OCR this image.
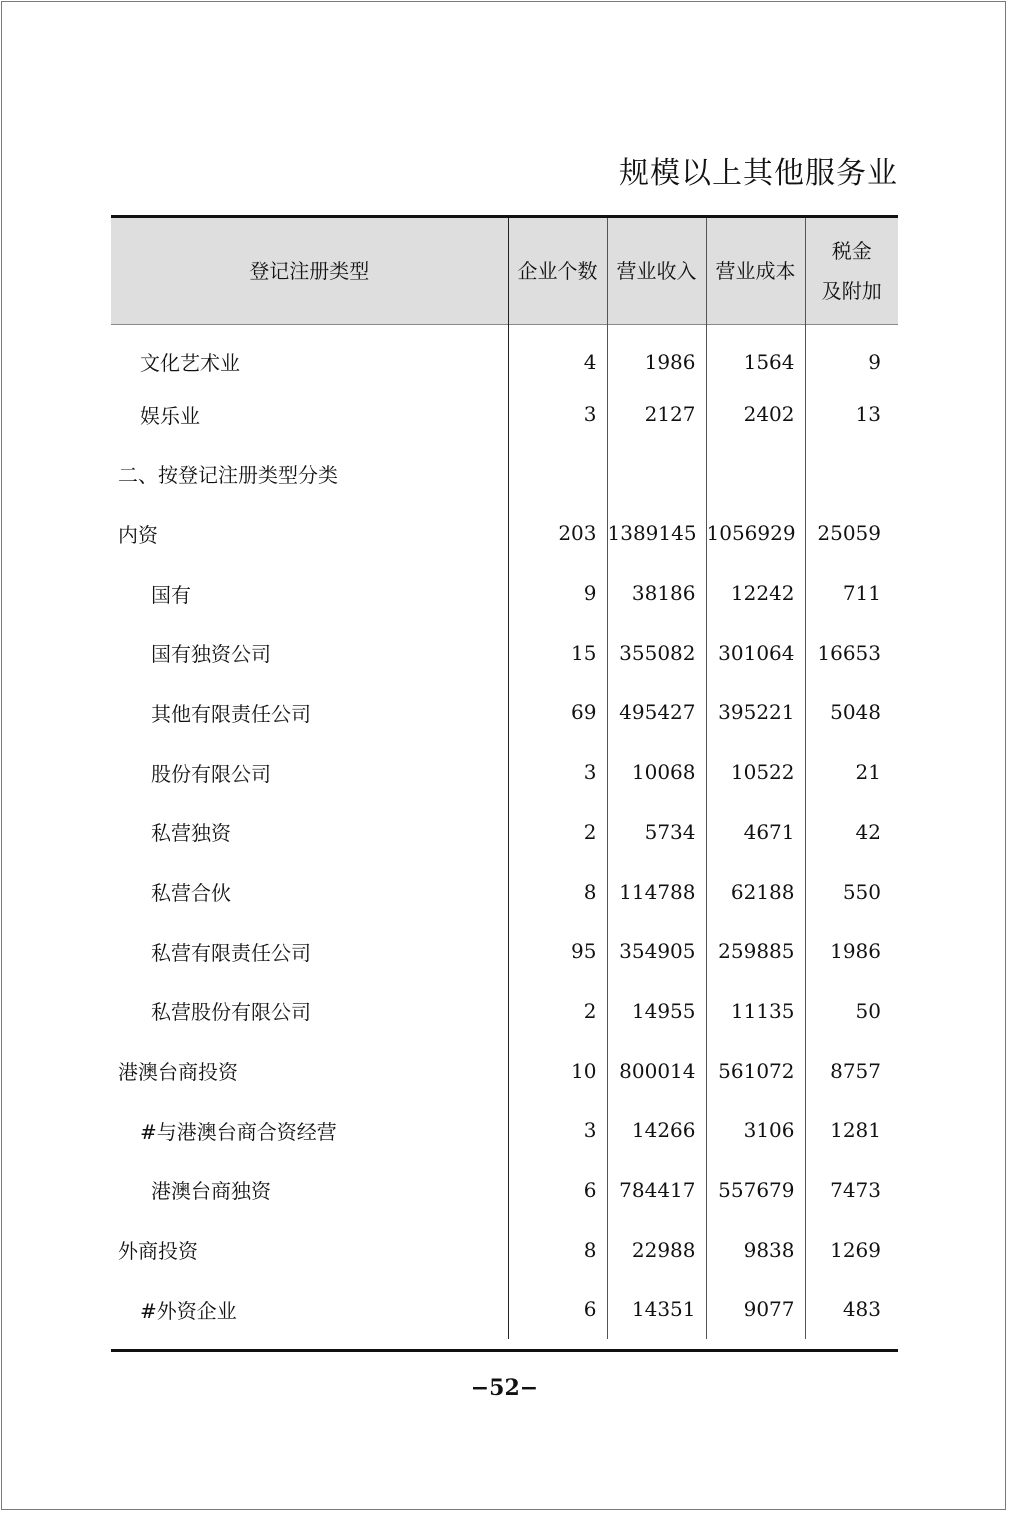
规模以上其他服务业
登记注册类型	企业个数	营业收入	营业成本	税金
及附加
文化艺术业	4	1986	1564	9
娱乐业	3	2127	2402	13
二、按登记注册类型分类				
内资	203	1389145	1056929	25059
国有	9	38186	12242	711
国有独资公司	15	355082	301064	16653
其他有限责任公司	69	495427	395221	5048
股份有限公司	3	10068	10522	21
私营独资	2	5734	4671	42
私营合伙	8	114788	62188	550
私营有限责任公司	95	354905	259885	1986
私营股份有限公司	2	14955	11135	50
港澳台商投资	10	800014	561072	8757
#与港澳台商合资经营	3	14266	3106	1281
港澳台商独资	6	784417	557679	7473
外商投资	8	22988	9838	1269
#外资企业	6	14351	9077	483
−52−
